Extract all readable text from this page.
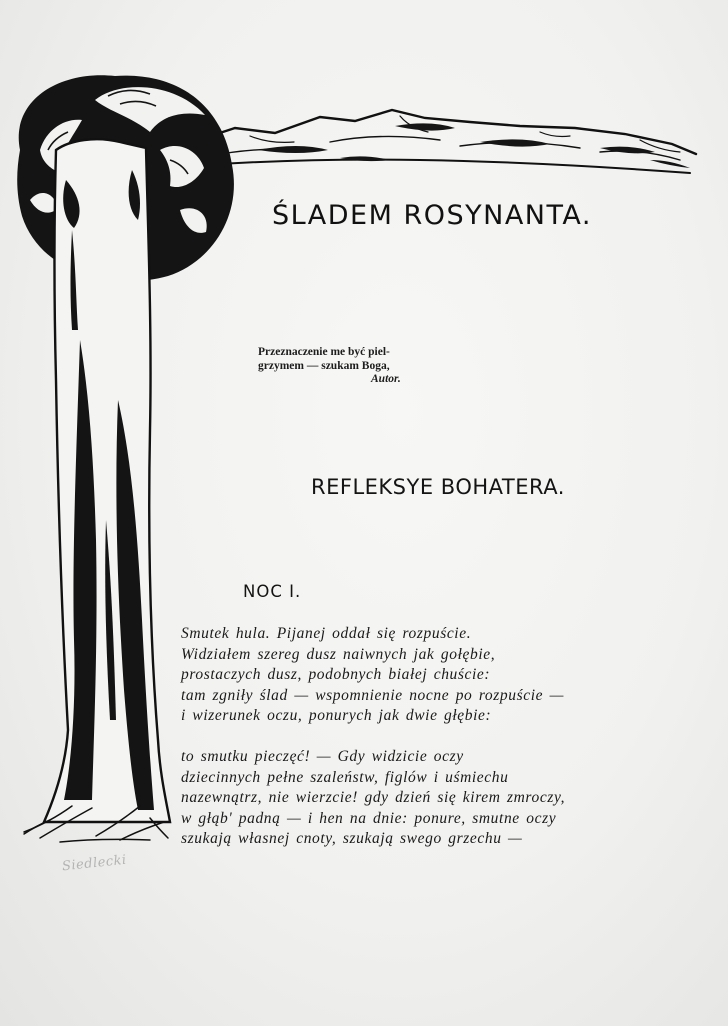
ŚLADEM ROSYNANTA.
Przeznaczenie me być piel-
grzymem — szukam Boga,
Autor.
REFLEKSYE BOHATERA.
NOC I.
Smutek hula. Pijanej oddał się rozpuście.
Widziałem szereg dusz naiwnych jak gołębie,
prostaczych dusz, podobnych białej chuście:
tam zgniły ślad — wspomnienie nocne po rozpuście —
i wizerunek oczu, ponurych jak dwie głębie:
to smutku pieczęć! — Gdy widzicie oczy
dziecinnych pełne szaleństw, figlów i uśmiechu
nazewnątrz, nie wierzcie! gdy dzień się kirem zmroczy,
w głąb' padną — i hen na dnie: ponure, smutne oczy
szukają własnej cnoty, szukają swego grzechu —
Siedlecki
